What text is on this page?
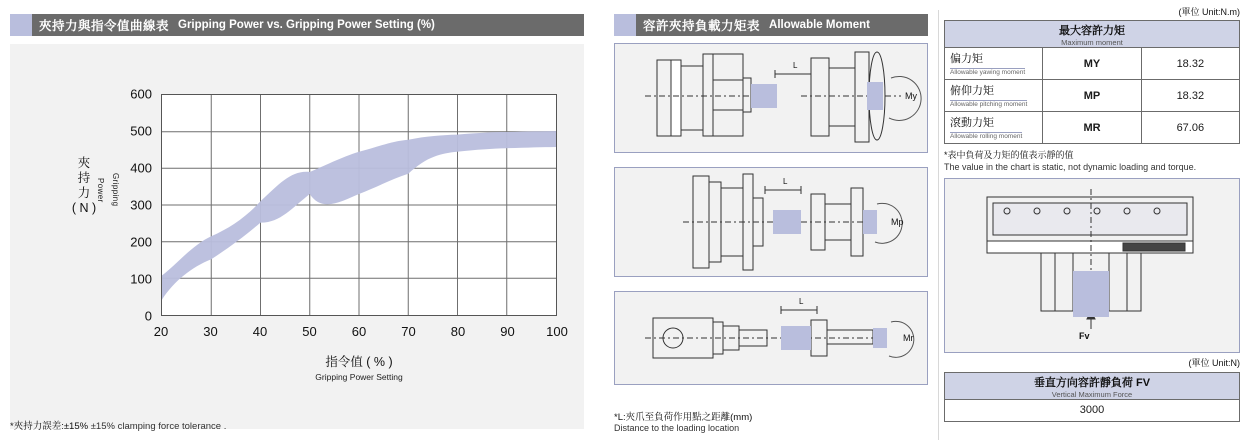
夾持力與指令值曲線表 Gripping Power vs. Gripping Power Setting (%)
夾
持
力
( N )
Gripping Power
600
500
400
300
200
100
0
20	30	40	50	60	70	80	90 100
指令值 ( % )
Gripping Power Setting
*夾持力誤差:±15% ±15% clamping force tolerance .
容許夾持負載力矩表 Allowable Moment
L
My
L
Mp
L
Mr
*L:夾爪至負荷作用點之距離(mm)
Distance to the loading location
(單位 Unit:N.m)
最大容許力矩
Maximum moment		

偏力矩
Allowable yawing moment	MY	18.32

俯仰力矩
Allowable pitching moment	MP	18.32

滾動力矩
Allowable rolling moment	MR	67.06
*表中負荷及力矩的值表示靜的值
The value in the chart is static, not dynamic loading and torque.
Fv
(單位 Unit:N)
垂直方向容許靜負荷 FV
Vertical Maximum Force
3000
